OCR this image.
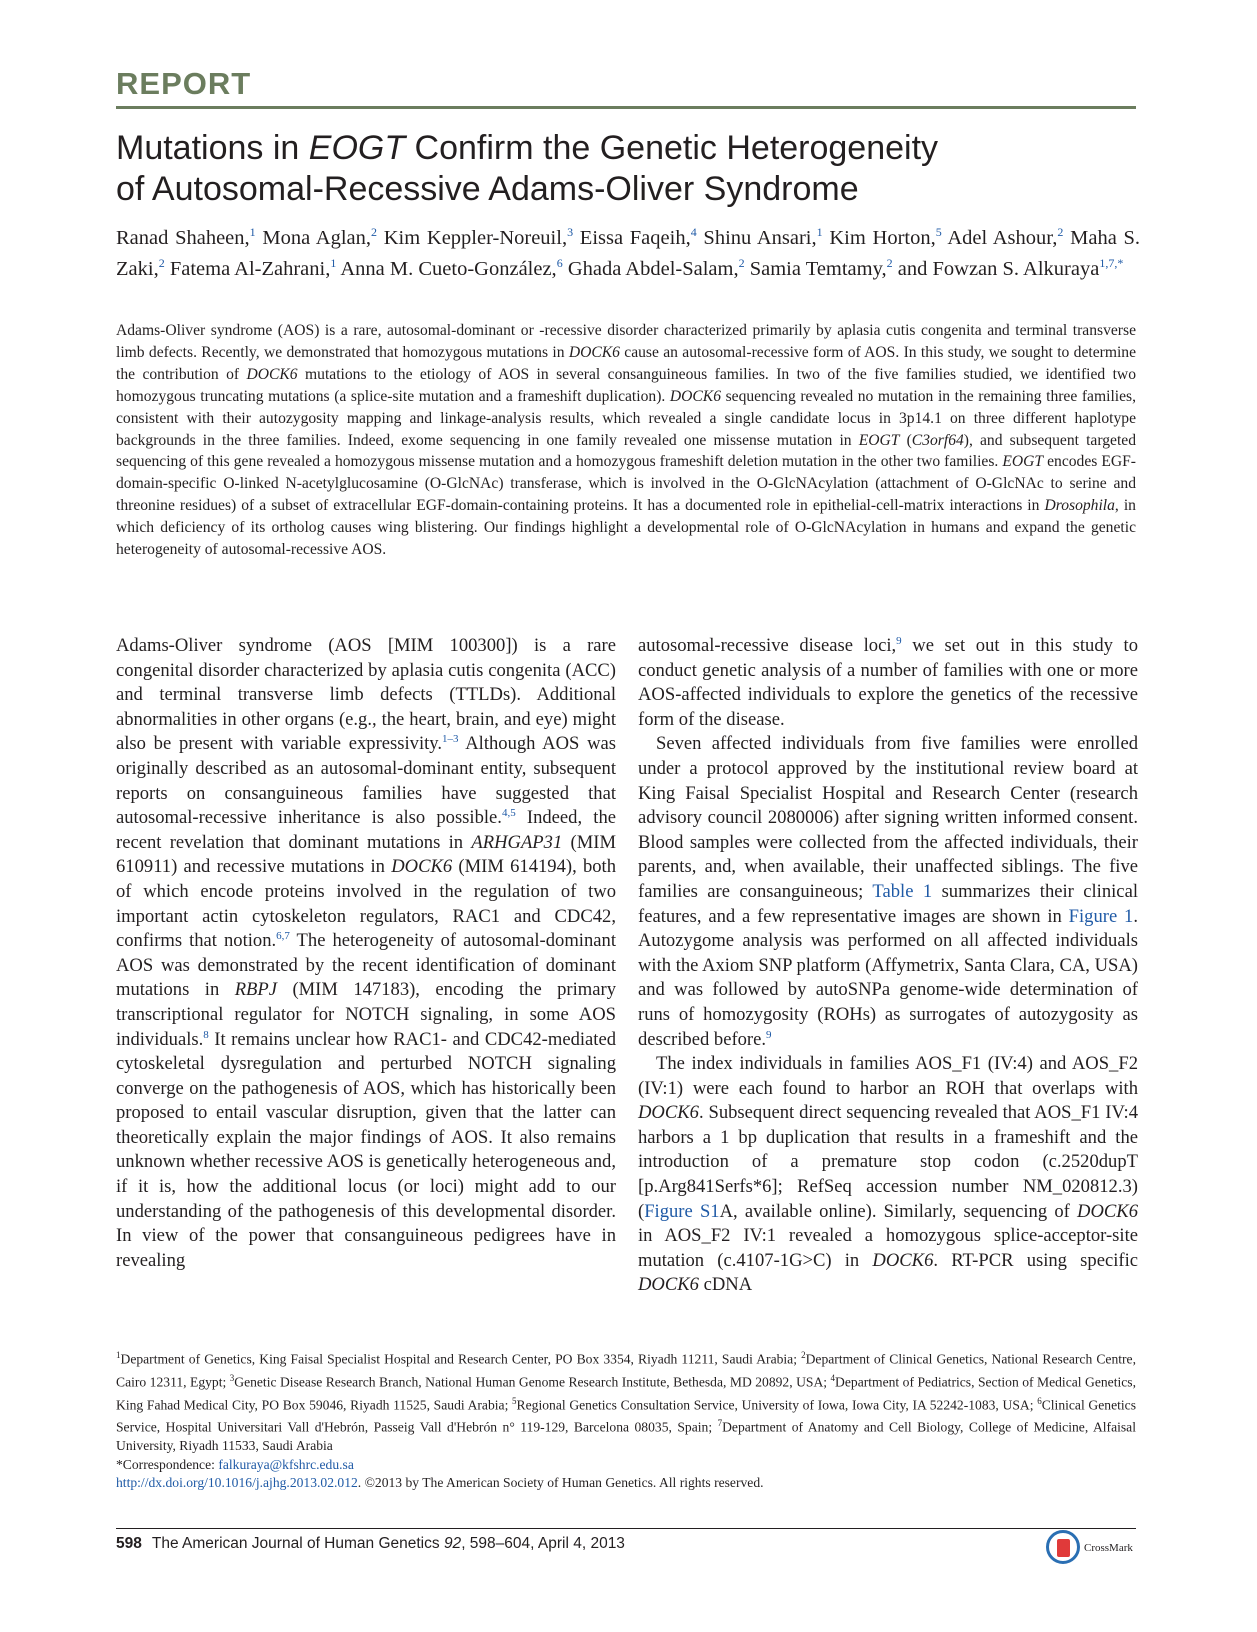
REPORT
Mutations in EOGT Confirm the Genetic Heterogeneity
of Autosomal-Recessive Adams-Oliver Syndrome
Ranad Shaheen,$^1$ Mona Aglan,$^2$ Kim Keppler-Noreuil,$^3$ Eissa Faqeih,$^4$ Shinu Ansari,$^1$ Kim Horton,$^5$ Adel Ashour,$^2$ Maha S. Zaki,$^2$ Fatema Al-Zahrani,$^1$ Anna M. Cueto-González,$^6$ Ghada Abdel-Salam,$^2$ Samia Temtamy,$^2$ and Fowzan S. Alkuraya$^{1,7,*}$
Adams-Oliver syndrome (AOS) is a rare, autosomal-dominant or -recessive disorder characterized primarily by aplasia cutis congenita and terminal transverse limb defects. Recently, we demonstrated that homozygous mutations in DOCK6 cause an autosomal-recessive form of AOS. In this study, we sought to determine the contribution of DOCK6 mutations to the etiology of AOS in several consanguineous families. In two of the five families studied, we identified two homozygous truncating mutations (a splice-site mutation and a frameshift duplication). DOCK6 sequencing revealed no mutation in the remaining three families, consistent with their autozygosity mapping and linkage-analysis results, which revealed a single candidate locus in 3p14.1 on three different haplotype backgrounds in the three families. Indeed, exome sequencing in one family revealed one missense mutation in EOGT (C3orf64), and subsequent targeted sequencing of this gene revealed a homozygous missense mutation and a homozygous frameshift deletion mutation in the other two families. EOGT encodes EGF-domain-specific O-linked N-acetylglucosamine (O-GlcNAc) transferase, which is involved in the O-GlcNAcylation (attachment of O-GlcNAc to serine and threonine residues) of a subset of extracellular EGF-domain-containing proteins. It has a documented role in epithelial-cell-matrix interactions in Drosophila, in which deficiency of its ortholog causes wing blistering. Our findings highlight a developmental role of O-GlcNAcylation in humans and expand the genetic heterogeneity of autosomal-recessive AOS.

Adams-Oliver syndrome (AOS [MIM 100300]) is a rare congenital disorder characterized by aplasia cutis congenita (ACC) and terminal transverse limb defects (TTLDs). Additional abnormalities in other organs (e.g., the heart, brain, and eye) might also be present with variable expressivity.$^{1-3}$ Although AOS was originally described as an autosomal-dominant entity, subsequent reports on consanguineous families have suggested that autosomal-recessive inheritance is also possible.$^{4,5}$ Indeed, the recent revelation that dominant mutations in ARHGAP31 (MIM 610911) and recessive mutations in DOCK6 (MIM 614194), both of which encode proteins involved in the regulation of two important actin cytoskeleton regulators, RAC1 and CDC42, confirms that notion.$^{6,7}$ The heterogeneity of autosomal-dominant AOS was demonstrated by the recent identification of dominant mutations in RBPJ (MIM 147183), encoding the primary transcriptional regulator for NOTCH signaling, in some AOS individuals.$^8$ It remains unclear how RAC1- and CDC42-mediated cytoskeletal dysregulation and perturbed NOTCH signaling converge on the pathogenesis of AOS, which has historically been proposed to entail vascular disruption, given that the latter can theoretically explain the major findings of AOS. It also remains unknown whether recessive AOS is genetically heterogeneous and, if it is, how the additional locus (or loci) might add to our understanding of the pathogenesis of this developmental disorder. In view of the power that consanguineous pedigrees have in revealing

autosomal-recessive disease loci,$^9$ we set out in this study to conduct genetic analysis of a number of families with one or more AOS-affected individuals to explore the genetics of the recessive form of the disease.

Seven affected individuals from five families were enrolled under a protocol approved by the institutional review board at King Faisal Specialist Hospital and Research Center (research advisory council 2080006) after signing written informed consent. Blood samples were collected from the affected individuals, their parents, and, when available, their unaffected siblings. The five families are consanguineous; Table 1 summarizes their clinical features, and a few representative images are shown in Figure 1. Autozygome analysis was performed on all affected individuals with the Axiom SNP platform (Affymetrix, Santa Clara, CA, USA) and was followed by autoSNPa genome-wide determination of runs of homozygosity (ROHs) as surrogates of autozygosity as described before.$^9$

The index individuals in families AOS_F1 (IV:4) and AOS_F2 (IV:1) were each found to harbor an ROH that overlaps with DOCK6. Subsequent direct sequencing revealed that AOS_F1 IV:4 harbors a 1 bp duplication that results in a frameshift and the introduction of a premature stop codon (c.2520dupT [p.Arg841Serfs*6]; RefSeq accession number NM_020812.3) (Figure S1A, available online). Similarly, sequencing of DOCK6 in AOS_F2 IV:1 revealed a homozygous splice-acceptor-site mutation (c.4107-1G>C) in DOCK6. RT-PCR using specific DOCK6 cDNA

$^1$Department of Genetics, King Faisal Specialist Hospital and Research Center, PO Box 3354, Riyadh 11211, Saudi Arabia; $^2$Department of Clinical Genetics, National Research Centre, Cairo 12311, Egypt; $^3$Genetic Disease Research Branch, National Human Genome Research Institute, Bethesda, MD 20892, USA; $^4$Department of Pediatrics, Section of Medical Genetics, King Fahad Medical City, PO Box 59046, Riyadh 11525, Saudi Arabia; $^5$Regional Genetics Consultation Service, University of Iowa, Iowa City, IA 52242-1083, USA; $^6$Clinical Genetics Service, Hospital Universitari Vall d'Hebrón, Passeig Vall d'Hebrón n° 119-129, Barcelona 08035, Spain; $^7$Department of Anatomy and Cell Biology, College of Medicine, Alfaisal University, Riyadh 11533, Saudi Arabia
*Correspondence: falkuraya@kfshrc.edu.sa
http://dx.doi.org/10.1016/j.ajhg.2013.02.012. ©2013 by The American Society of Human Genetics. All rights reserved.
598 The American Journal of Human Genetics 92, 598–604, April 4, 2013	CrossMark
